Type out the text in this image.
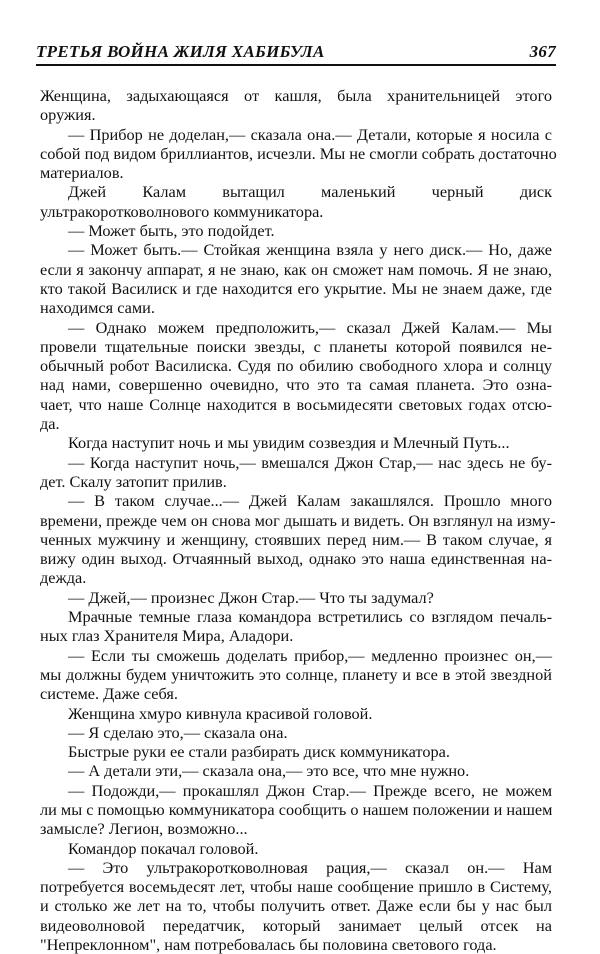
ТРЕТЬЯ ВОЙНА ЖИЛЯ ХАБИБУЛА	367
Женщина, задыхающаяся от кашля, была хранительницей этого
оружия.
— Прибор не доделан,— сказала она.— Детали, которые я носила с
собой под видом бриллиантов, исчезли. Мы не смогли собрать достаточно
материалов.
Джей Калам вытащил маленький черный диск
ультракоротковолнового коммуникатора.
— Может быть, это подойдет.
— Может быть.— Стойкая женщина взяла у него диск.— Но, даже
если я закончу аппарат, я не знаю, как он сможет нам помочь. Я не знаю,
кто такой Василиск и где находится его укрытие. Мы не знаем даже, где
находимся сами.
— Однако можем предположить,— сказал Джей Калам.— Мы
провели тщательные поиски звезды, с планеты которой появился не-
обычный робот Василиска. Судя по обилию свободного хлора и солнцу
над нами, совершенно очевидно, что это та самая планета. Это озна-
чает, что наше Солнце находится в восьмидесяти световых годах отсю-
да.
Когда наступит ночь и мы увидим созвездия и Млечный Путь...
— Когда наступит ночь,— вмешался Джон Стар,— нас здесь не бу-
дет. Скалу затопит прилив.
— В таком случае...— Джей Калам закашлялся. Прошло много
времени, прежде чем он снова мог дышать и видеть. Он взглянул на изму-
ченных мужчину и женщину, стоявших перед ним.— В таком случае, я
вижу один выход. Отчаянный выход, однако это наша единственная на-
дежда.
— Джей,— произнес Джон Стар.— Что ты задумал?
Мрачные темные глаза командора встретились со взглядом печаль-
ных глаз Хранителя Мира, Аладори.
— Если ты сможешь доделать прибор,— медленно произнес он,—
мы должны будем уничтожить это солнце, планету и все в этой звездной
системе. Даже себя.
Женщина хмуро кивнула красивой головой.
— Я сделаю это,— сказала она.
Быстрые руки ее стали разбирать диск коммуникатора.
— А детали эти,— сказала она,— это все, что мне нужно.
— Подожди,— прокашлял Джон Стар.— Прежде всего, не можем
ли мы с помощью коммуникатора сообщить о нашем положении и нашем
замысле? Легион, возможно...
Командор покачал головой.
— Это ультракоротковолновая рация,— сказал он.— Нам
потребуется восемьдесят лет, чтобы наше сообщение пришло в Систему,
и столько же лет на то, чтобы получить ответ. Даже если бы у нас был
видеоволновой передатчик, который занимает целый отсек на
"Непреклонном", нам потребовалась бы половина светового года.
